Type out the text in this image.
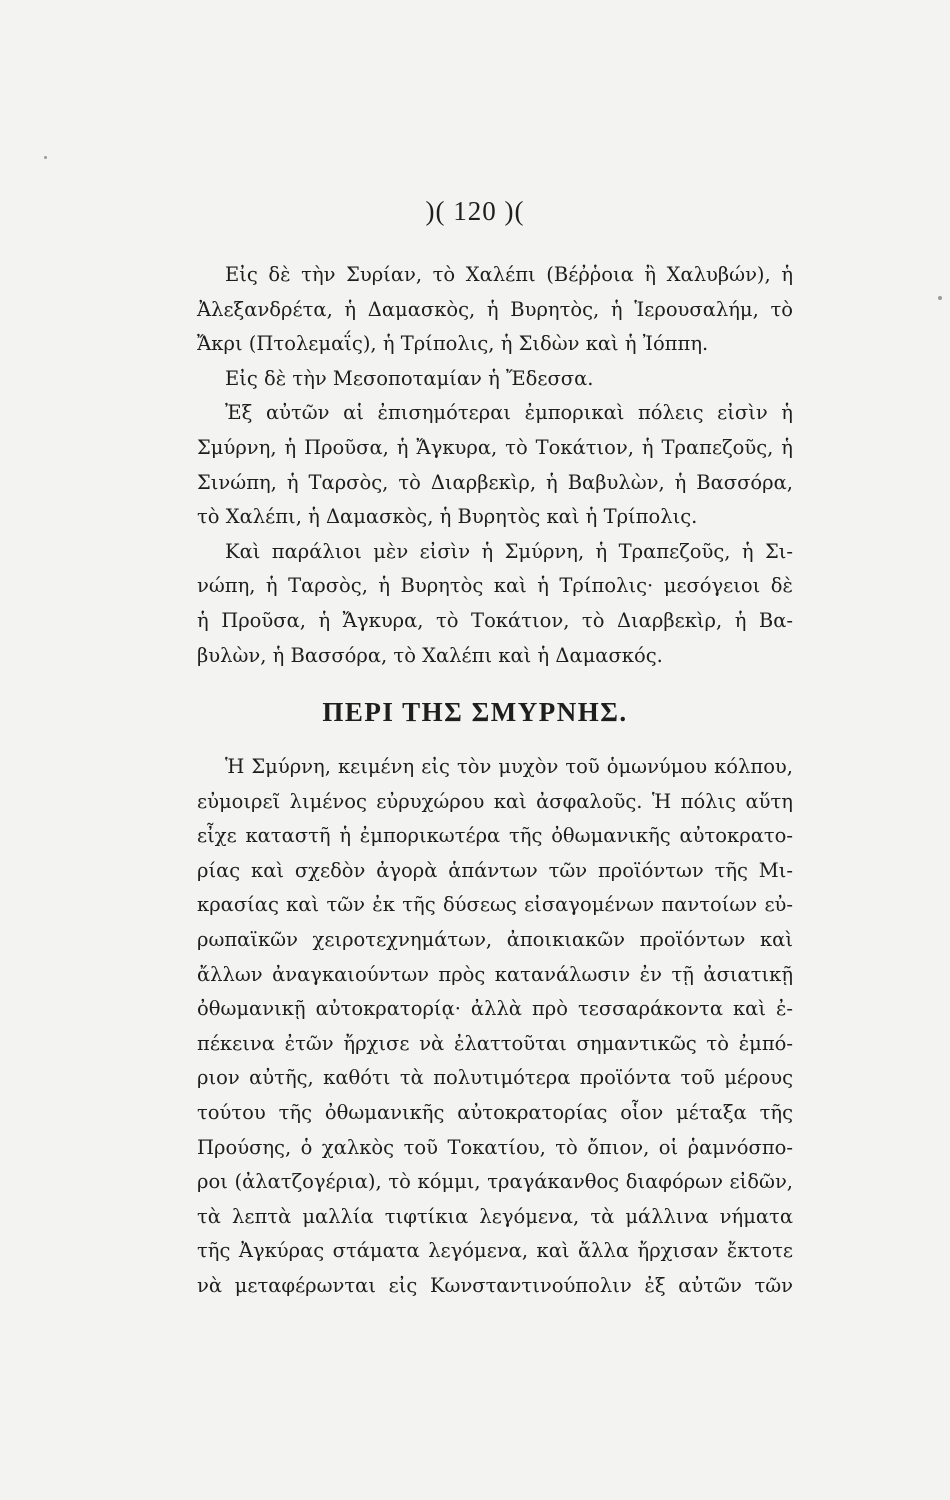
)( 120 )(
Εἰς δὲ τὴν Συρίαν, τὸ Χαλέπι (Βέῤῥοια ἢ Χαλυβών), ἡ
Ἀλεξανδρέτα, ἡ Δαμασκὸς, ἡ Βυρητὸς, ἡ Ἱερουσαλήμ, τὸ
Ἄκρι (Πτολεμαΐς), ἡ Τρίπολις, ἡ Σιδὼν καὶ ἡ Ἰόππη.
Εἰς δὲ τὴν Μεσοποταμίαν ἡ Ἔδεσσα.
Ἐξ αὐτῶν αἱ ἐπισημότεραι ἐμπορικαὶ πόλεις εἰσὶν ἡ
Σμύρνη, ἡ Προῦσα, ἡ Ἄγκυρα, τὸ Τοκάτιον, ἡ Τραπεζοῦς, ἡ
Σινώπη, ἡ Ταρσὸς, τὸ Διαρβεκὶρ, ἡ Βαβυλὼν, ἡ Βασσόρα,
τὸ Χαλέπι, ἡ Δαμασκὸς, ἡ Βυρητὸς καὶ ἡ Τρίπολις.
Καὶ παράλιοι μὲν εἰσὶν ἡ Σμύρνη, ἡ Τραπεζοῦς, ἡ Σι-
νώπη, ἡ Ταρσὸς, ἡ Βυρητὸς καὶ ἡ Τρίπολις· μεσόγειοι δὲ
ἡ Προῦσα, ἡ Ἄγκυρα, τὸ Τοκάτιον, τὸ Διαρβεκὶρ, ἡ Βα-
βυλὼν, ἡ Βασσόρα, τὸ Χαλέπι καὶ ἡ Δαμασκός.
ΠΕΡΙ ΤΗΣ ΣΜΥΡΝΗΣ.
Ἡ Σμύρνη, κειμένη εἰς τὸν μυχὸν τοῦ ὁμωνύμου κόλπου,
εὐμοιρεῖ λιμένος εὐρυχώρου καὶ ἀσφαλοῦς. Ἡ πόλις αὕτη
εἶχε καταστῆ ἡ ἐμπορικωτέρα τῆς ὀθωμανικῆς αὐτοκρατο-
ρίας καὶ σχεδὸν ἀγορὰ ἁπάντων τῶν προϊόντων τῆς Μι-
κρασίας καὶ τῶν ἐκ τῆς δύσεως εἰσαγομένων παντοίων εὐ-
ρωπαϊκῶν χειροτεχνημάτων, ἀποικιακῶν προϊόντων καὶ
ἄλλων ἀναγκαιούντων πρὸς κατανάλωσιν ἐν τῇ ἀσιατικῇ
ὀθωμανικῇ αὐτοκρατορίᾳ· ἀλλὰ πρὸ τεσσαράκοντα καὶ ἐ-
πέκεινα ἐτῶν ἤρχισε νὰ ἐλαττοῦται σημαντικῶς τὸ ἐμπό-
ριον αὐτῆς, καθότι τὰ πολυτιμότερα προϊόντα τοῦ μέρους
τούτου τῆς ὀθωμανικῆς αὐτοκρατορίας οἷον μέταξα τῆς
Προύσης, ὁ χαλκὸς τοῦ Τοκατίου, τὸ ὄπιον, οἱ ῥαμνόσπο-
ροι (ἀλατζογέρια), τὸ κόμμι, τραγάκανθος διαφόρων εἰδῶν,
τὰ λεπτὰ μαλλία τιφτίκια λεγόμενα, τὰ μάλλινα νήματα
τῆς Ἀγκύρας στάματα λεγόμενα, καὶ ἄλλα ἤρχισαν ἔκτοτε
νὰ μεταφέρωνται εἰς Κωνσταντινούπολιν ἐξ αὐτῶν τῶν
